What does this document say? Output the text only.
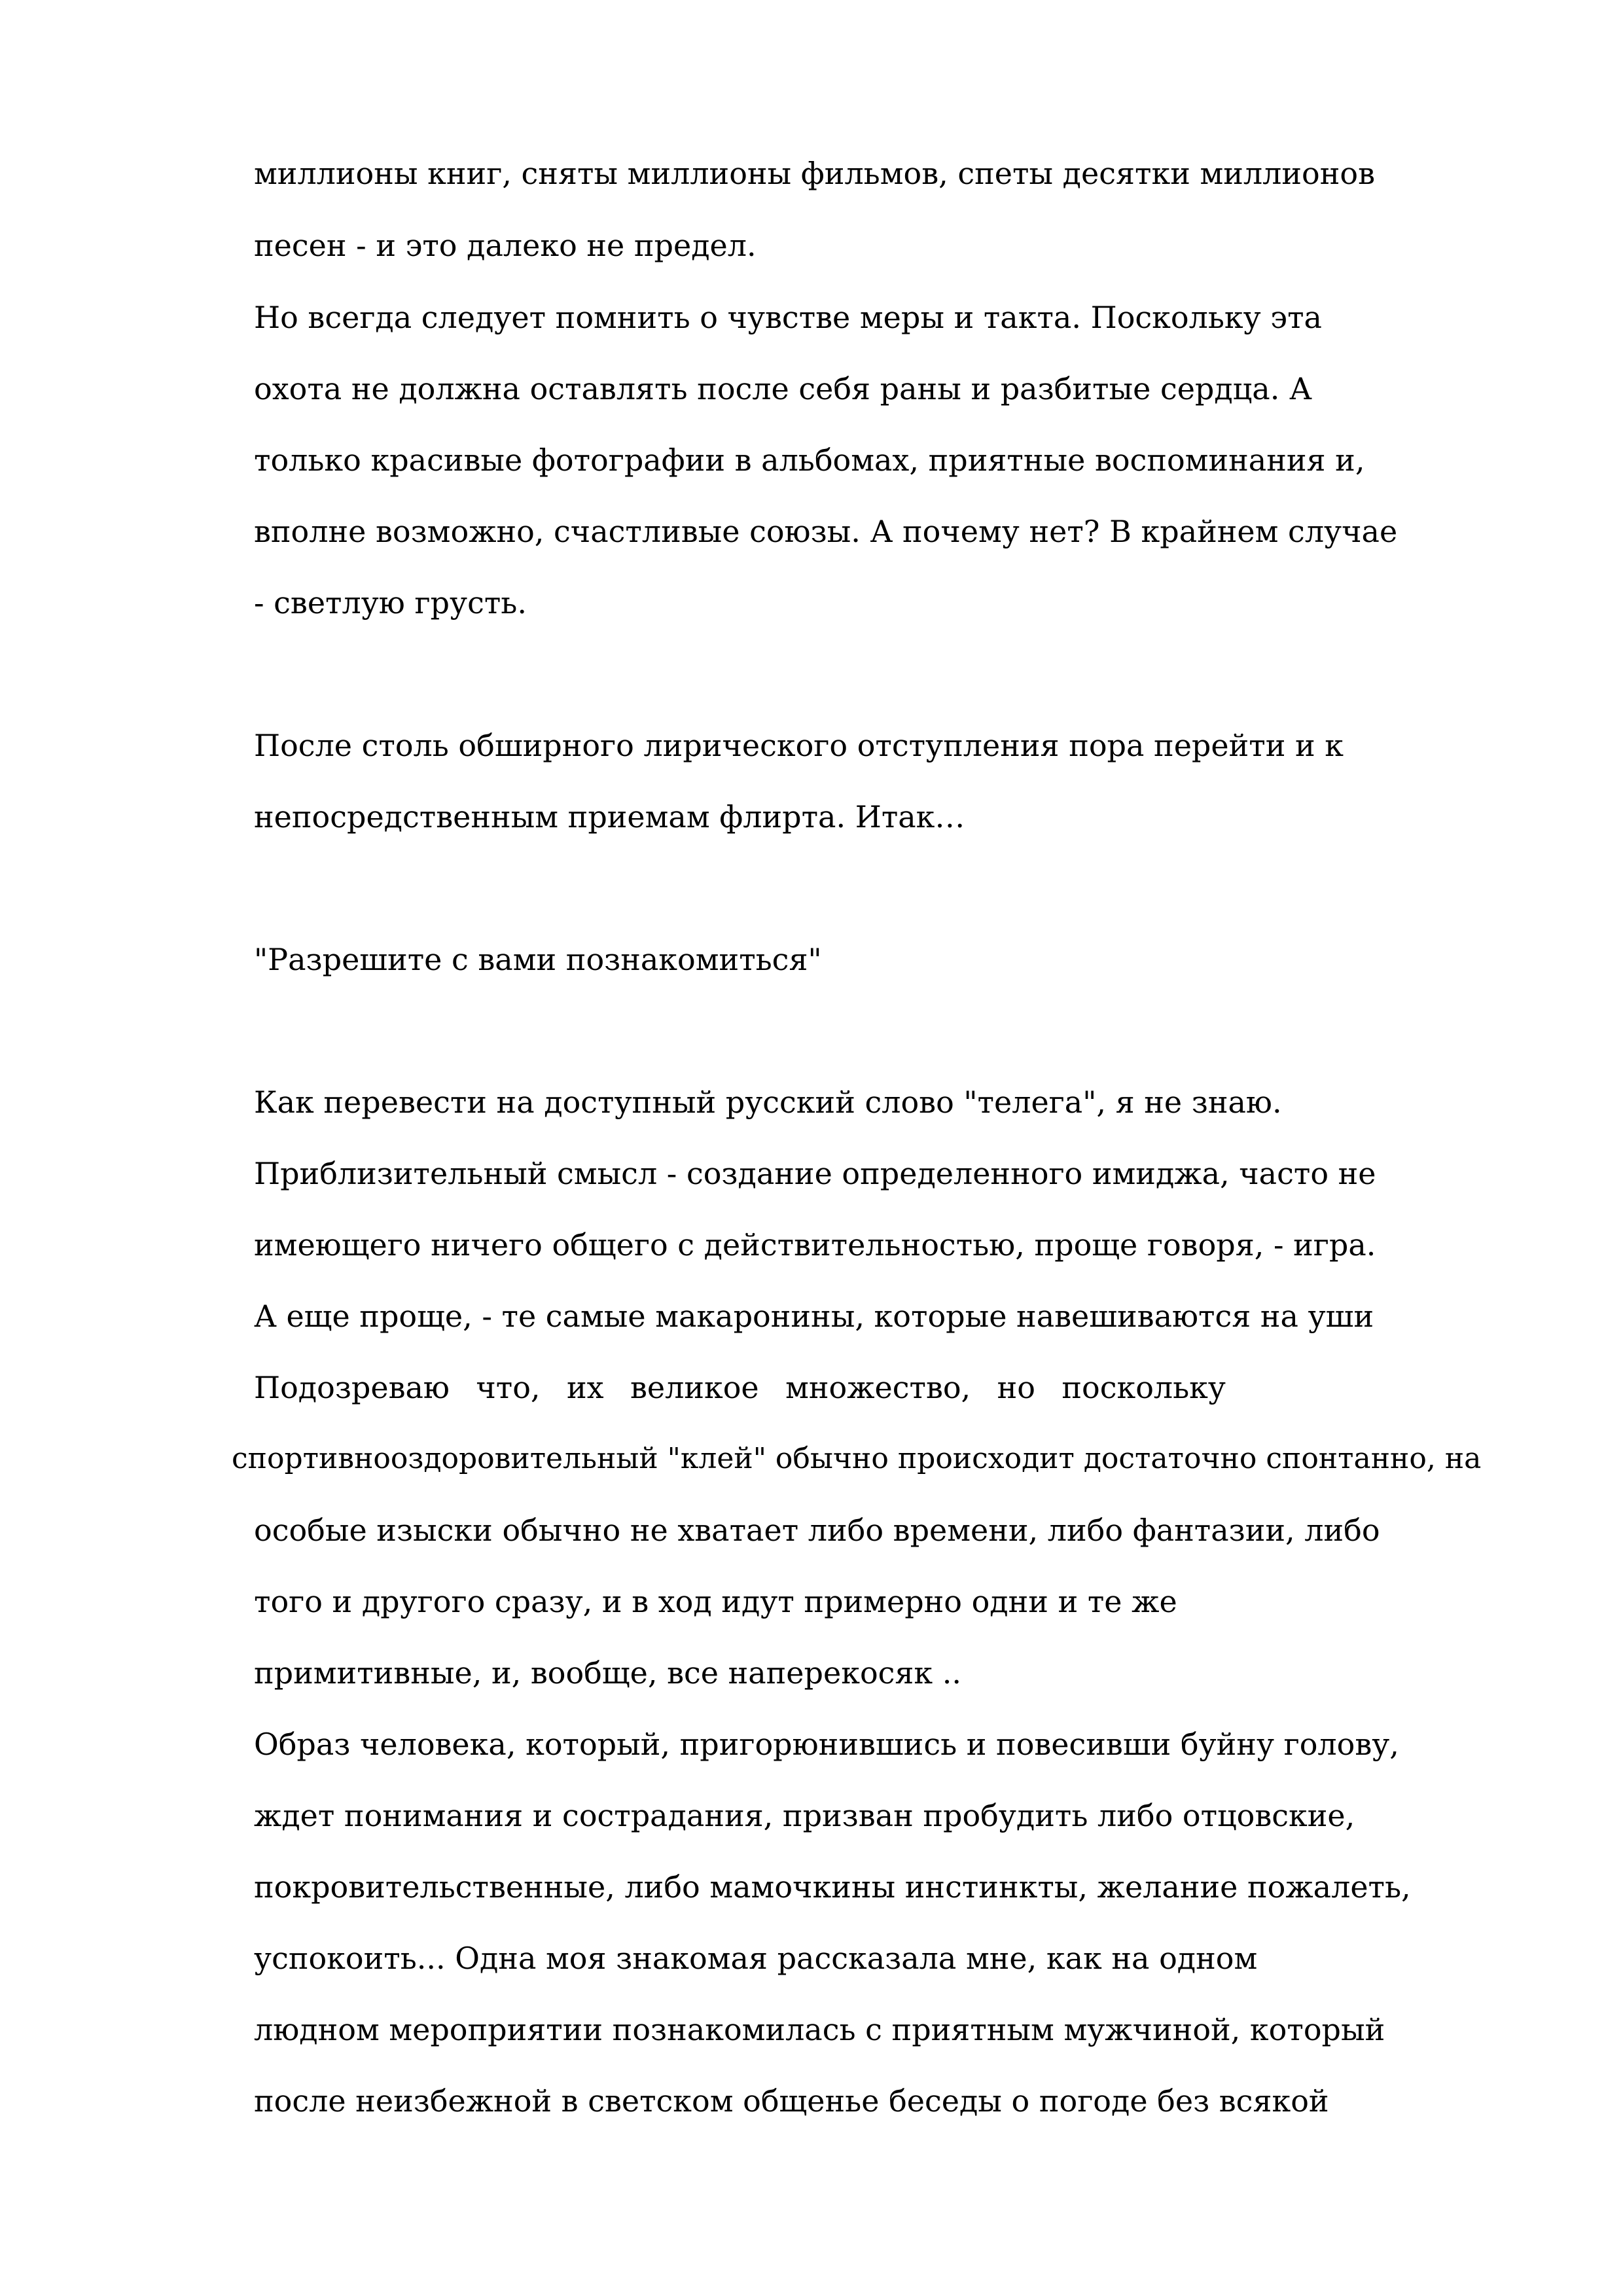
миллионы книг, сняты миллионы фильмов, спеты десятки миллионов

песен - и это далеко не предел.

Но всегда следует помнить о чувстве меры и такта. Поскольку эта

охота не должна оставлять после себя раны и разбитые сердца. А

только красивые фотографии в альбомах, приятные воспоминания и,

вполне возможно, счастливые союзы. А почему нет? В крайнем случае

- светлую грусть.

После столь обширного лирического отступления пора перейти и к

непосредственным приемам флирта. Итак…

"Разрешите с вами познакомиться"

Как перевести на доступный русский слово "телега", я не знаю.

Приблизительный смысл - создание определенного имиджа, часто не

имеющего ничего общего с действительностью, проще говоря, - игра.

А еще проще, - те самые макаронины, которые навешиваются на уши

Подозреваю что, их великое множество, но поскольку

спортивнооздоровительный "клей" обычно происходит достаточно спонтанно, на

особые изыски обычно не хватает либо времени, либо фантазии, либо

того и другого сразу, и в ход идут примерно одни и те же

примитивные, и, вообще, все наперекосяк ..

Образ человека, который, пригорюнившись и повесивши буйну голову,

ждет понимания и сострадания, призван пробудить либо отцовские,

покровительственные, либо мамочкины инстинкты, желание пожалеть,

успокоить... Одна моя знакомая рассказала мне, как на одном

людном мероприятии познакомилась с приятным мужчиной, который

после неизбежной в светском общенье беседы о погоде без всякой
